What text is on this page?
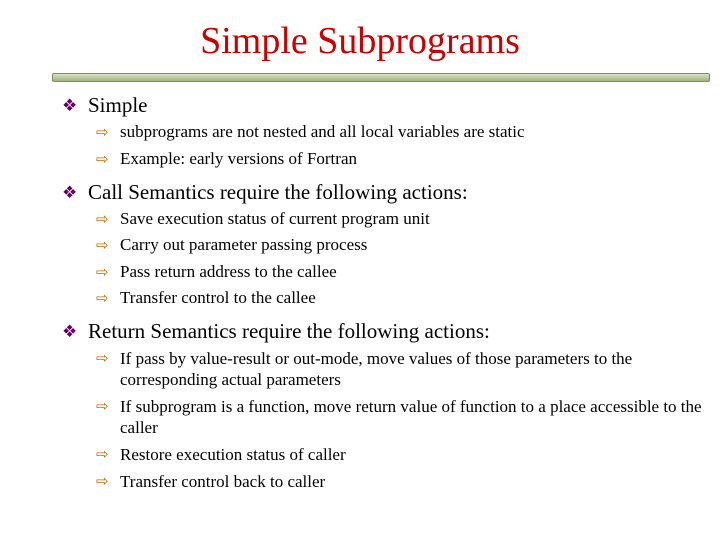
Simple Subprograms
❖ Simple
⇨ subprograms are not nested and all local variables are static
⇨ Example: early versions of Fortran
❖ Call Semantics require the following actions:
⇨ Save execution status of current program unit
⇨ Carry out parameter passing process
⇨ Pass return address to the callee
⇨ Transfer control to the callee
❖ Return Semantics require the following actions:
⇨ If pass by value-result or out-mode, move values of those parameters to the corresponding actual parameters
⇨ If subprogram is a function, move return value of function to a place accessible to the caller
⇨ Restore execution status of caller
⇨ Transfer control back to caller
